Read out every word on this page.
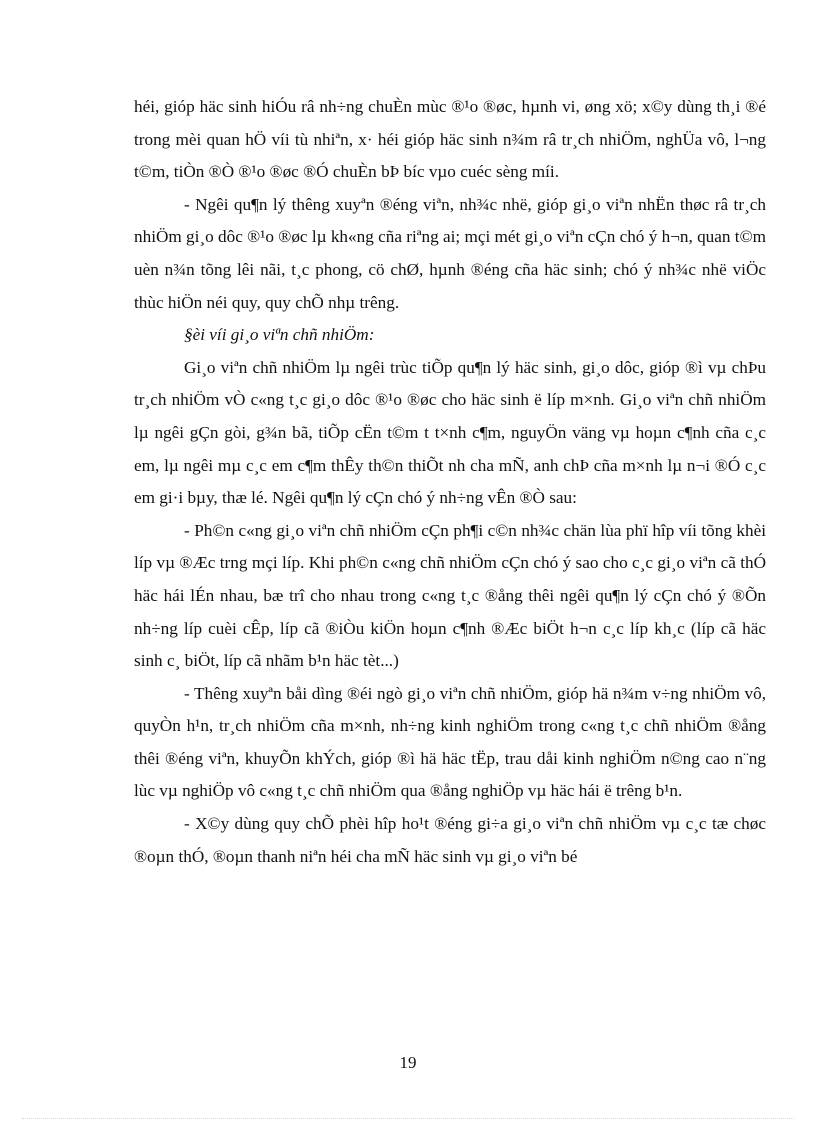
héi, gióp häc sinh hiÓu râ nh÷ng chuÈn mùc ®¹o ®øc, hµnh vi, øng xö; x©y dùng th¸i ®é trong mèi quan hÖ víi tù nhiªn, x· héi gióp häc sinh n¾m râ tr¸ch nhiÖm, nghÜa vô, l¬ng t©m, tiÒn ®Ò ®¹o ®øc ®Ó chuÈn bÞ bíc vµo cuéc sèng míi.

- Ngêi qu¶n lý thêng xuyªn ®éng viªn, nh¾c nhë, gióp gi¸o viªn nhËn thøc râ tr¸ch nhiÖm gi¸o dôc ®¹o ®øc lµ kh«ng cña riªng ai; mçi mét gi¸o viªn cÇn chó ý h¬n, quan t©m uèn n¾n tõng lêi nãi, t¸c phong, cö chØ, hµnh ®éng cña häc sinh; chó ý nh¾c nhë viÖc thùc hiÖn néi quy, quy chÕ nhµ trêng.

§èi víi gi¸o viªn chñ nhiÖm:

Gi¸o viªn chñ nhiÖm lµ ngêi trùc tiÕp qu¶n lý häc sinh, gi¸o dôc, gióp ®ì vµ chÞu tr¸ch nhiÖm vÒ c«ng t¸c gi¸o dôc ®¹o ®øc cho häc sinh ë líp m×nh. Gi¸o viªn chñ nhiÖm lµ ngêi gÇn gòi, g¾n bã, tiÕp cËn t©m t t×nh c¶m, nguyÖn väng vµ hoµn c¶nh cña c¸c em, lµ ngêi mµ c¸c em c¶m thÊy th©n thiÕt nh cha mÑ, anh chÞ cña m×nh lµ n¬i ®Ó c¸c em gi·i bµy, thæ lé. Ngêi qu¶n lý cÇn chó ý nh÷ng vÊn ®Ò sau:

- Ph©n c«ng gi¸o viªn chñ nhiÖm cÇn ph¶i c©n nh¾c chän lùa phï hîp víi tõng khèi líp vµ ®Æc trng mçi líp. Khi ph©n c«ng chñ nhiÖm cÇn chó ý sao cho c¸c gi¸o viªn cã thÓ häc hái lÉn nhau, bæ trî cho nhau trong c«ng t¸c ®ång thêi ngêi qu¶n lý cÇn chó ý ®Õn nh÷ng líp cuèi cÊp, líp cã ®iÒu kiÖn hoµn c¶nh ®Æc biÖt h¬n c¸c líp kh¸c (líp cã häc sinh c¸ biÖt, líp cã nhãm b¹n häc tèt...)

- Thêng xuyªn båi dìng ®éi ngò gi¸o viªn chñ nhiÖm, gióp hä n¾m v÷ng nhiÖm vô, quyÒn h¹n, tr¸ch nhiÖm cña m×nh, nh÷ng kinh nghiÖm trong c«ng t¸c chñ nhiÖm ®ång thêi ®éng viªn, khuyÕn khÝch, gióp ®ì hä häc tËp, trau dåi kinh nghiÖm n©ng cao n¨ng lùc vµ nghiÖp vô c«ng t¸c chñ nhiÖm qua ®ång nghiÖp vµ häc hái ë trêng b¹n.

- X©y dùng quy chÕ phèi hîp ho¹t ®éng gi÷a gi¸o viªn chñ nhiÖm vµ c¸c tæ chøc ®oµn thÓ, ®oµn thanh niªn héi cha mÑ häc sinh vµ gi¸o viªn bé

19
